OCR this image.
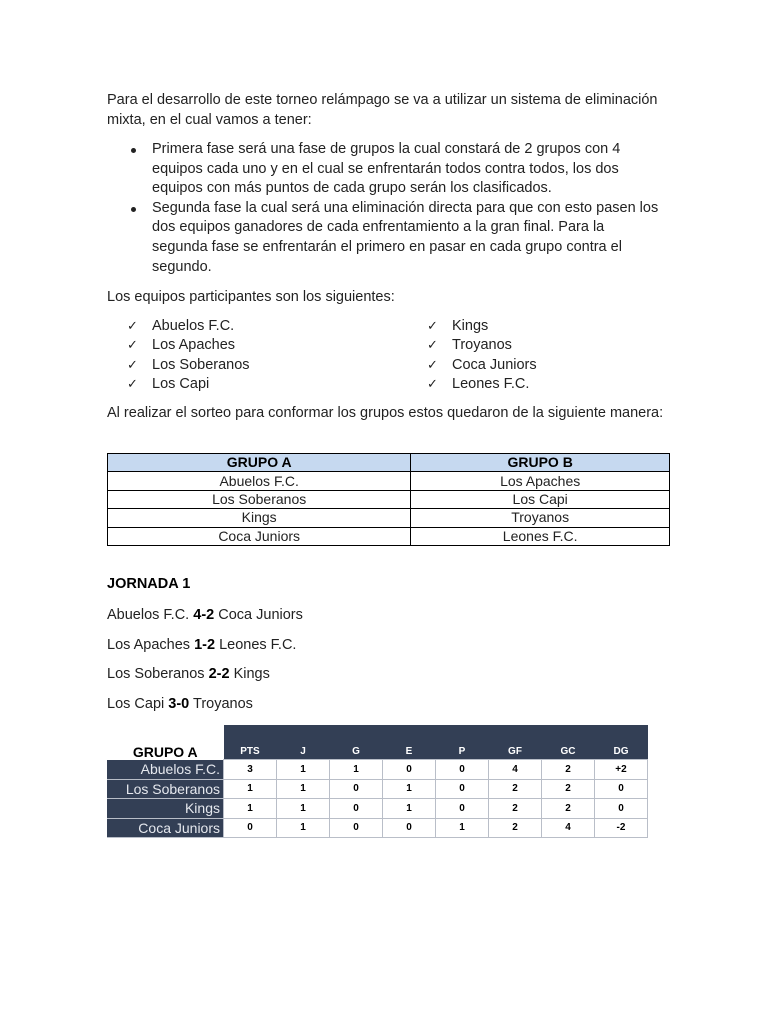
Para el desarrollo de este torneo relámpago se va a utilizar un sistema de eliminación mixta, en el cual vamos a tener:

Primera fase será una fase de grupos la cual constará de 2 grupos con 4 equipos cada uno y en el cual se enfrentarán todos contra todos, los dos equipos con más puntos de cada grupo serán los clasificados.
Segunda fase la cual será una eliminación directa para que con esto pasen los dos equipos ganadores de cada enfrentamiento a la gran final. Para la segunda fase se enfrentarán el primero en pasar en cada grupo contra el segundo.

Los equipos participantes son los siguientes:

✓ Abuelos F.C.
✓ Los Apaches
✓ Los Soberanos
✓ Los Capi
✓ Kings
✓ Troyanos
✓ Coca Juniors
✓ Leones F.C.

Al realizar el sorteo para conformar los grupos estos quedaron de la siguiente manera:

GRUPO A	GRUPO B
Abuelos F.C.	Los Apaches
Los Soberanos	Los Capi
Kings	Troyanos
Coca Juniors	Leones F.C.
JORNADA 1
Abuelos F.C. 4-2 Coca Juniors
Los Apaches 1-2 Leones F.C.
Los Soberanos 2-2 Kings
Los Capi 3-0 Troyanos
GRUPO A	PTS	J	G	E	P	GF	GC	DG
Abuelos F.C.	3	1	1	0	0	4	2	+2
Los Soberanos	1	1	0	1	0	2	2	0
Kings	1	1	0	1	0	2	2	0
Coca Juniors	0	1	0	0	1	2	4	-2
